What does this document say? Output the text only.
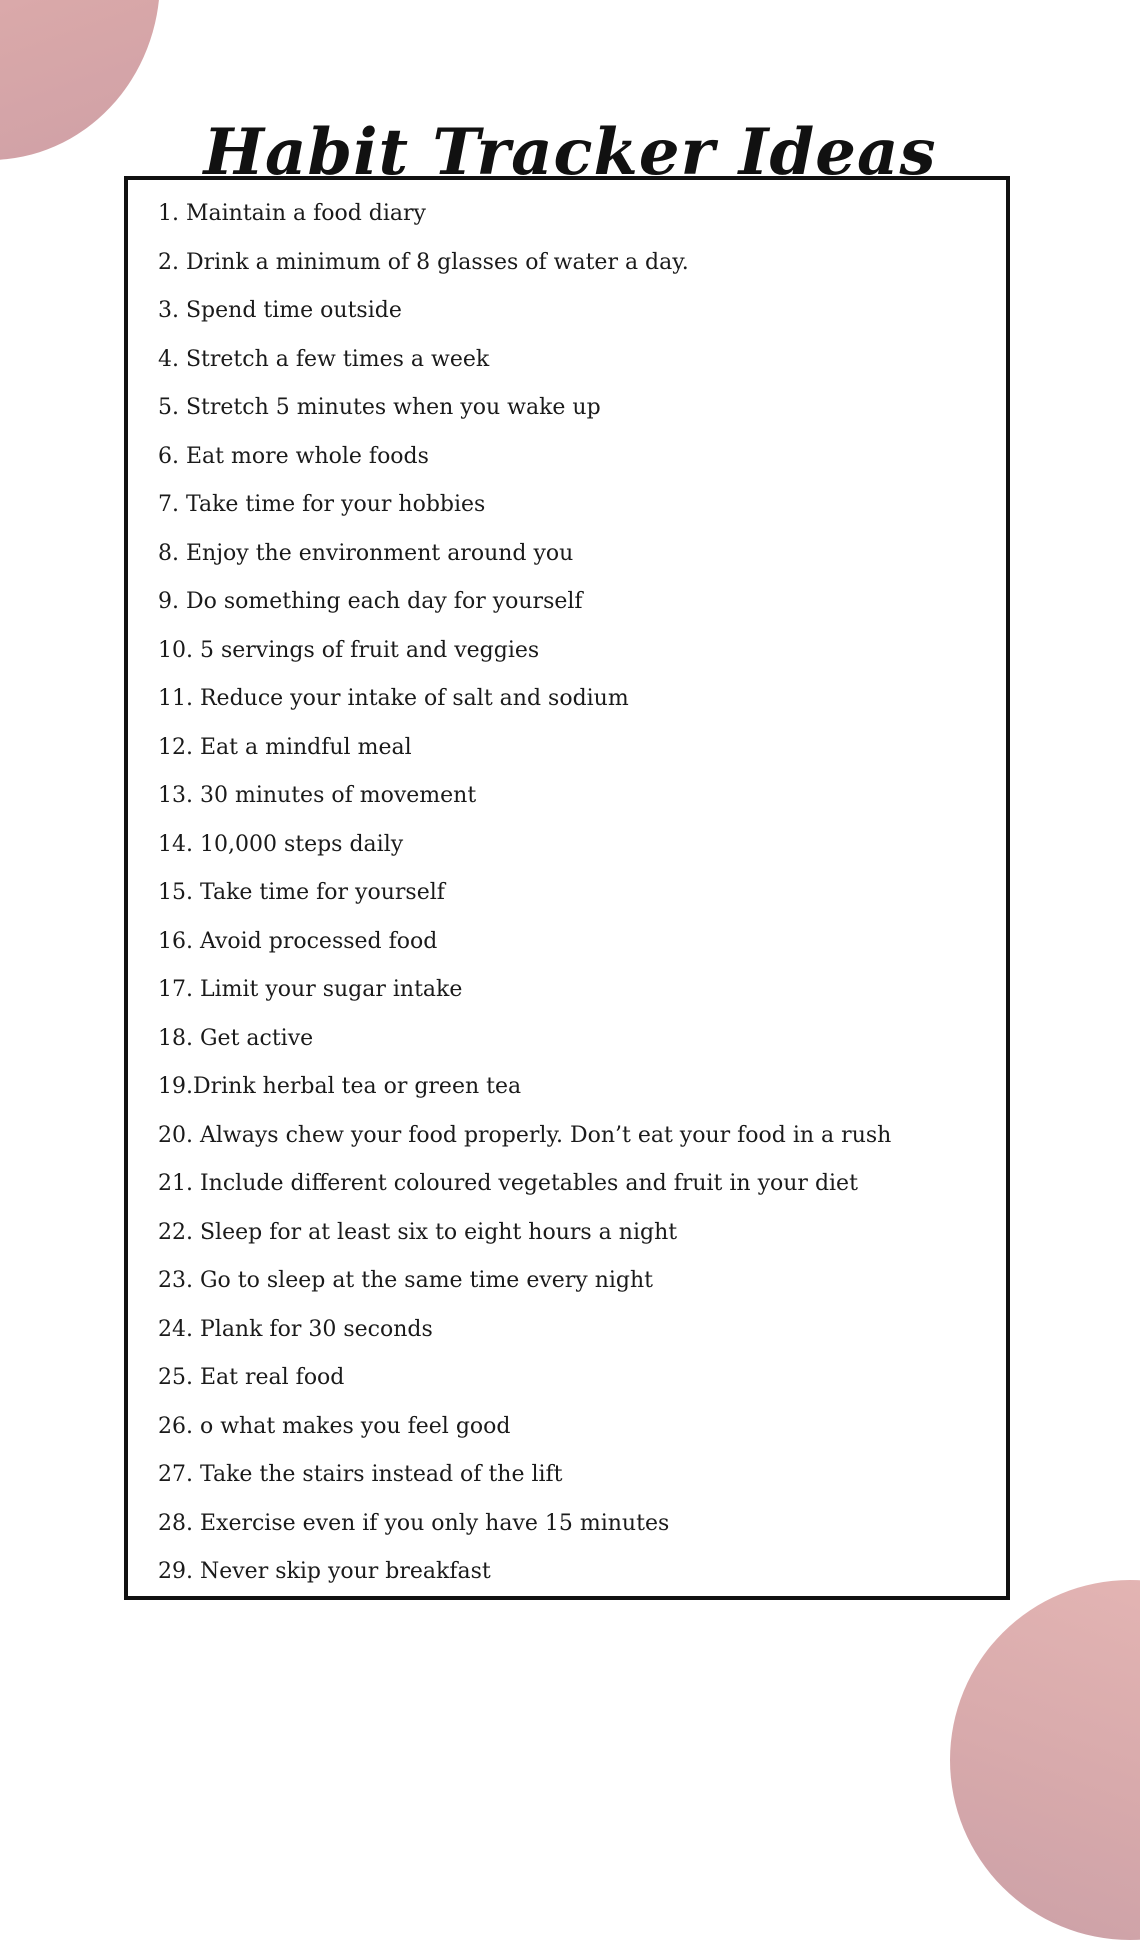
Habit Tracker Ideas
1. Maintain a food diary
2. Drink a minimum of 8 glasses of water a day.
3. Spend time outside
4. Stretch a few times a week
5. Stretch 5 minutes when you wake up
6. Eat more whole foods
7. Take time for your hobbies
8. Enjoy the environment around you
9. Do something each day for yourself
10. 5 servings of fruit and veggies
11. Reduce your intake of salt and sodium
12. Eat a mindful meal
13. 30 minutes of movement
14. 10,000 steps daily
15. Take time for yourself
16. Avoid processed food
17. Limit your sugar intake
18. Get active
19.Drink herbal tea or green tea
20. Always chew your food properly. Don’t eat your food in a rush
21. Include different coloured vegetables and fruit in your diet
22. Sleep for at least six to eight hours a night
23. Go to sleep at the same time every night
24. Plank for 30 seconds
25. Eat real food
26. o what makes you feel good
27. Take the stairs instead of the lift
28. Exercise even if you only have 15 minutes
29. Never skip your breakfast
